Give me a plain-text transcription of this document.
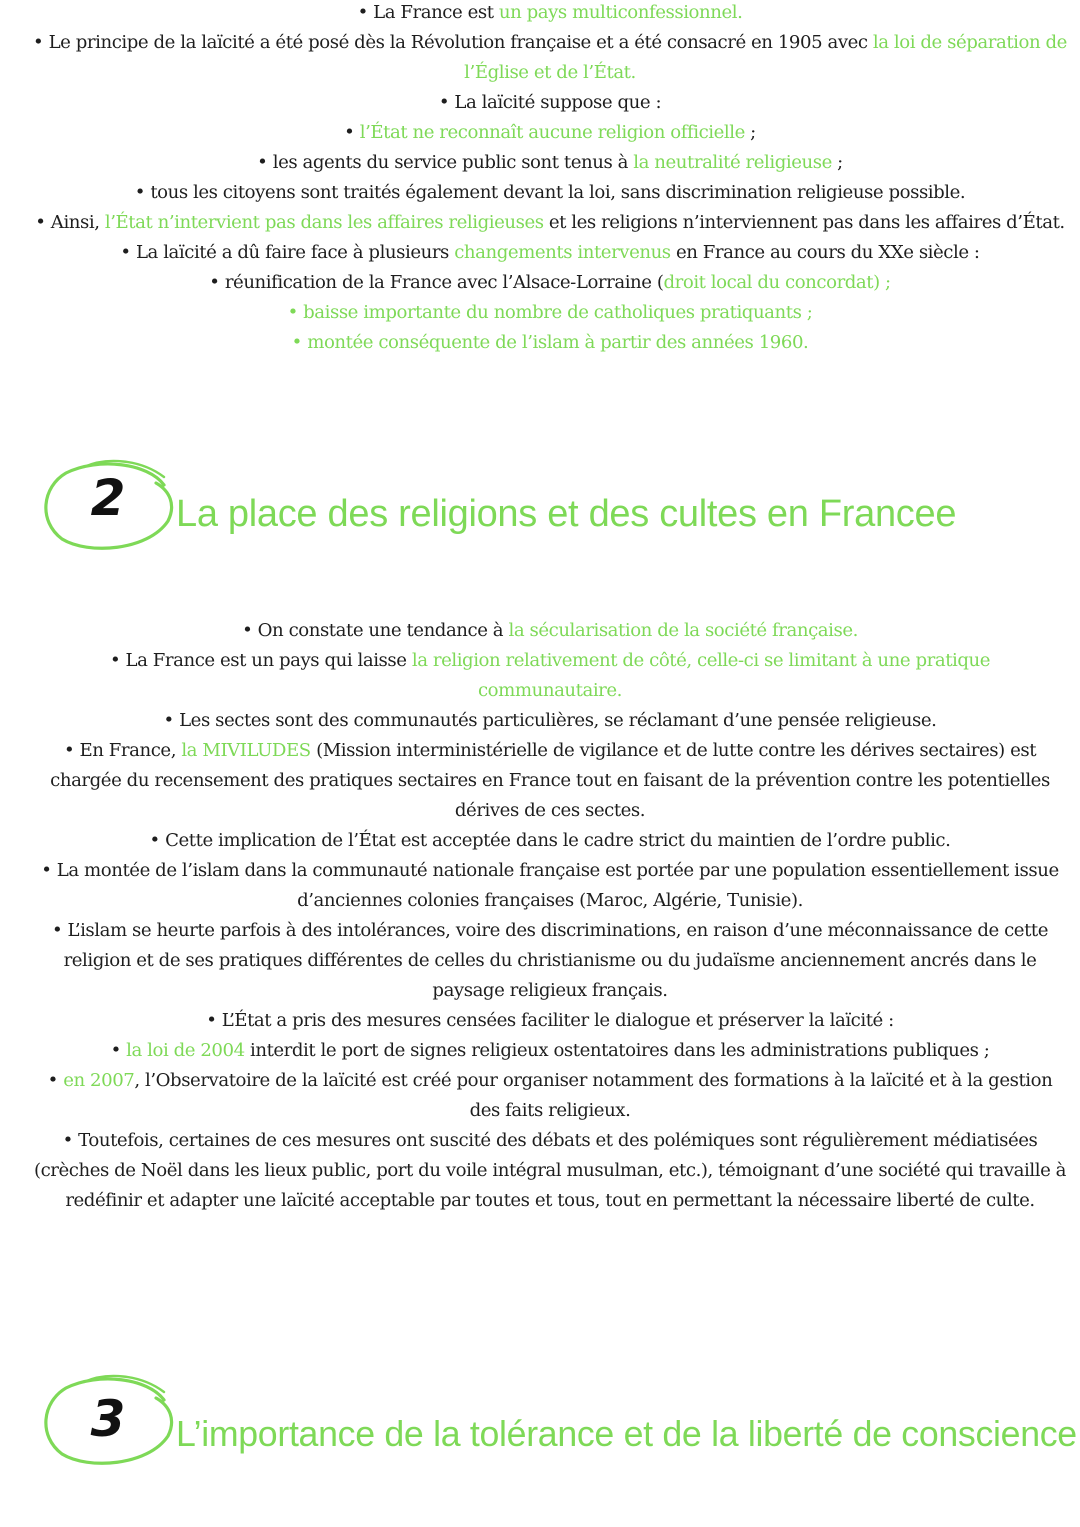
• La France est un pays multiconfessionnel.
• Le principe de la laïcité a été posé dès la Révolution française et a été consacré en 1905 avec la loi de séparation de
l’Église et de l’État.
• La laïcité suppose que :
• l’État ne reconnaît aucune religion officielle ;
• les agents du service public sont tenus à la neutralité religieuse ;
• tous les citoyens sont traités également devant la loi, sans discrimination religieuse possible.
• Ainsi, l’État n’intervient pas dans les affaires religieuses et les religions n’interviennent pas dans les affaires d’État.
• La laïcité a dû faire face à plusieurs changements intervenus en France au cours du XXe siècle :
• réunification de la France avec l’Alsace-Lorraine (droit local du concordat) ;
• baisse importante du nombre de catholiques pratiquants ;
• montée conséquente de l’islam à partir des années 1960.
2	La place des religions et des cultes en Francee
• On constate une tendance à la sécularisation de la société française.
• La France est un pays qui laisse la religion relativement de côté, celle-ci se limitant à une pratique
communautaire.
• Les sectes sont des communautés particulières, se réclamant d’une pensée religieuse.
• En France, la MIVILUDES (Mission interministérielle de vigilance et de lutte contre les dérives sectaires) est
chargée du recensement des pratiques sectaires en France tout en faisant de la prévention contre les potentielles
dérives de ces sectes.
• Cette implication de l’État est acceptée dans le cadre strict du maintien de l’ordre public.
• La montée de l’islam dans la communauté nationale française est portée par une population essentiellement issue
d’anciennes colonies françaises (Maroc, Algérie, Tunisie).
• L’islam se heurte parfois à des intolérances, voire des discriminations, en raison d’une méconnaissance de cette
religion et de ses pratiques différentes de celles du christianisme ou du judaïsme anciennement ancrés dans le
paysage religieux français.
• L’État a pris des mesures censées faciliter le dialogue et préserver la laïcité :
• la loi de 2004 interdit le port de signes religieux ostentatoires dans les administrations publiques ;
• en 2007, l’Observatoire de la laïcité est créé pour organiser notamment des formations à la laïcité et à la gestion
des faits religieux.
• Toutefois, certaines de ces mesures ont suscité des débats et des polémiques sont régulièrement médiatisées
(crèches de Noël dans les lieux public, port du voile intégral musulman, etc.), témoignant d’une société qui travaille à
redéfinir et adapter une laïcité acceptable par toutes et tous, tout en permettant la nécessaire liberté de culte.
3	L’importance de la tolérance et de la liberté de conscience
